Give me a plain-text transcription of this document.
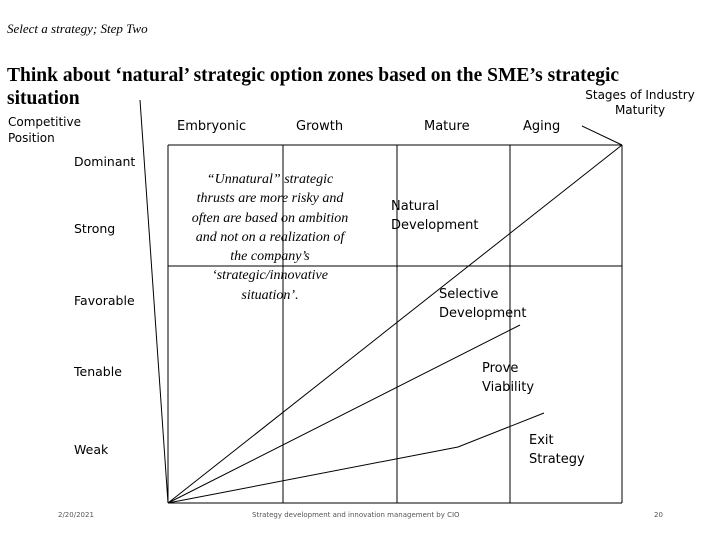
Select a strategy; Step Two
Think about ‘natural’ strategic option zones based on the SME’s strategic situation	Stages of Industry Maturity
Competitive Position
Embryonic	Growth	Mature	Aging
Dominant
Strong
Favorable
Tenable
Weak
“Unnatural” strategic thrusts are more risky and often are based on ambition and not on a realization of the company’s ‘strategic/innovative situation’.
Natural Development
Selective Development
Prove Viability
Exit Strategy
2/20/2021	Strategy development and innovation management by CIO	20
